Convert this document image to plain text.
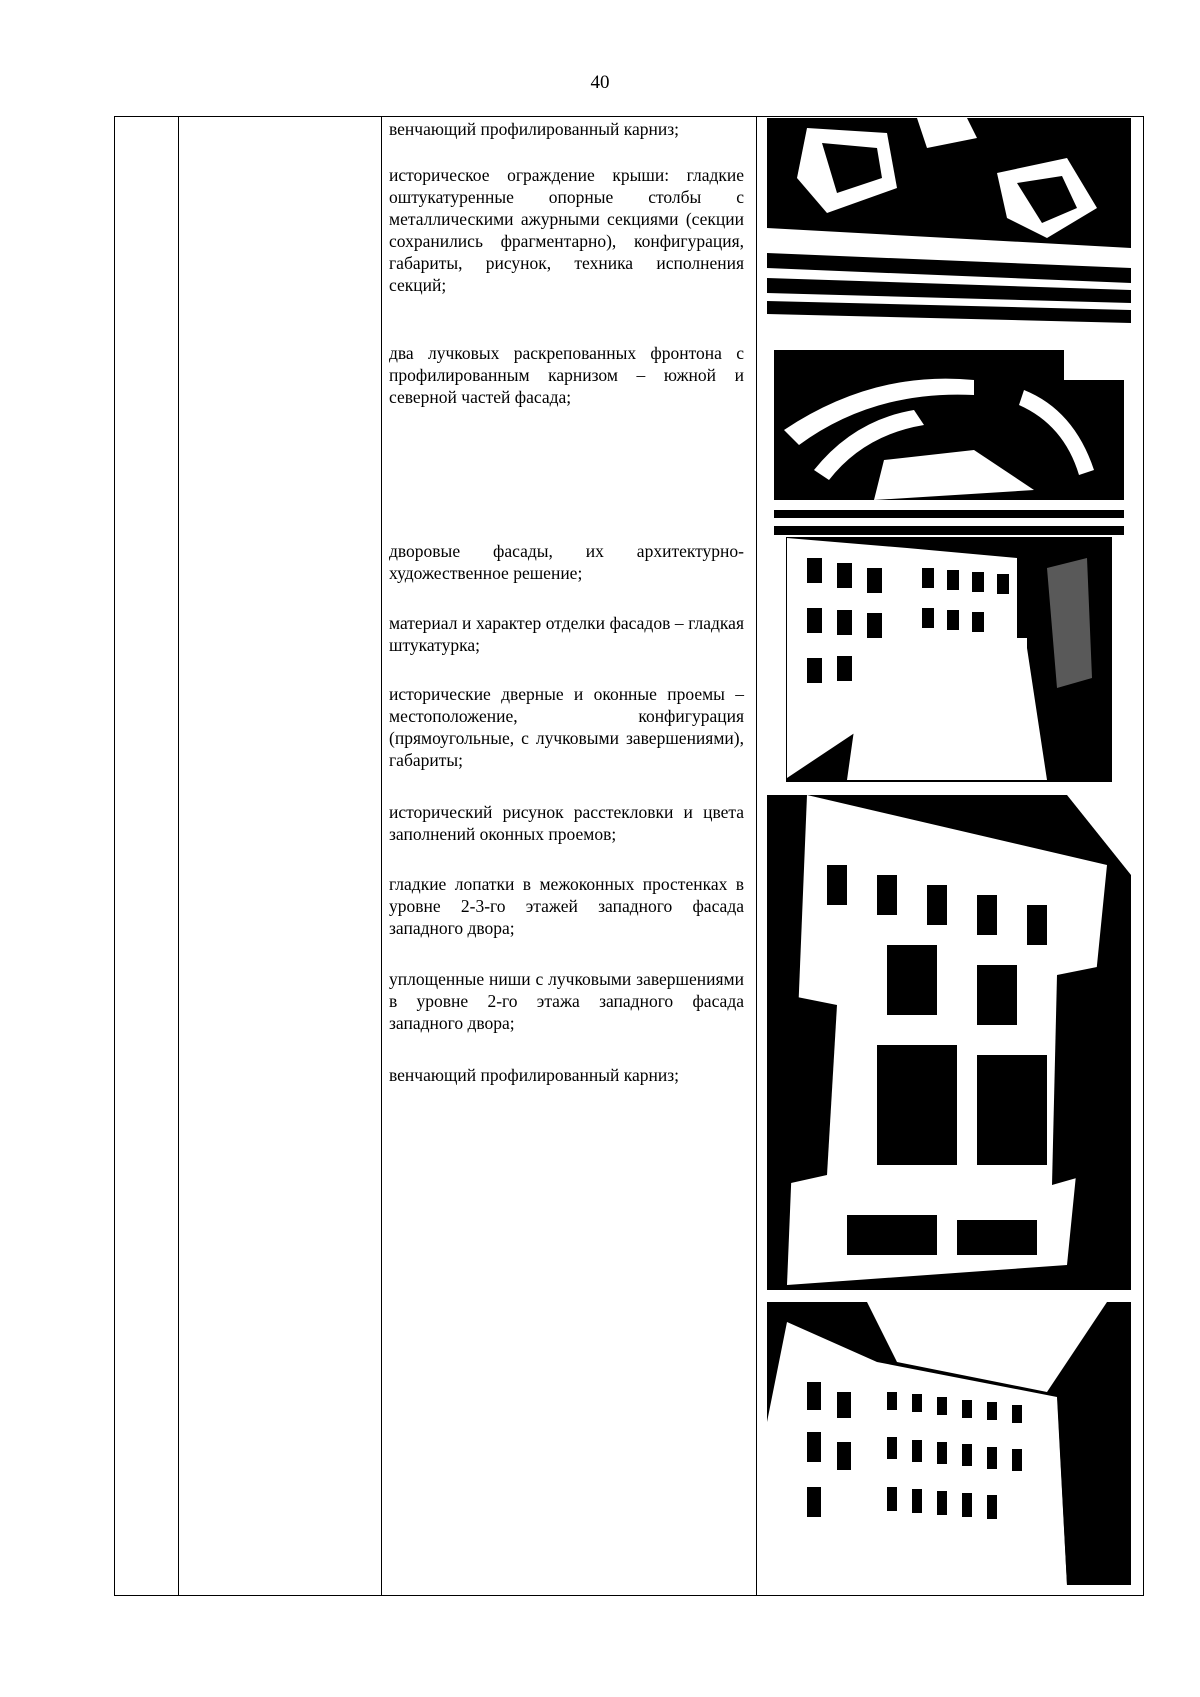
40
венчающий профилированный карниз;
историческое ограждение крыши: гладкие оштукатуренные опорные столбы с металлическими ажурными секциями (секции сохранились фрагментарно), конфигурация, габариты, рисунок, техника исполнения секций;
два лучковых раскрепованных фронтона с профилированным карнизом – южной и северной частей фасада;
дворовые фасады, их архитектурно-художественное решение;
материал и характер отделки фасадов – гладкая штукатурка;
исторические дверные и оконные проемы – местоположение, конфигурация (прямоугольные, с лучковыми завершениями), габариты;
исторический рисунок расстекловки и цвета заполнений оконных проемов;
гладкие лопатки в межоконных простенках в уровне 2-3-го этажей западного фасада западного двора;
уплощенные ниши с лучковыми завершениями в уровне 2-го этажа западного фасада западного двора;
венчающий профилированный карниз;
